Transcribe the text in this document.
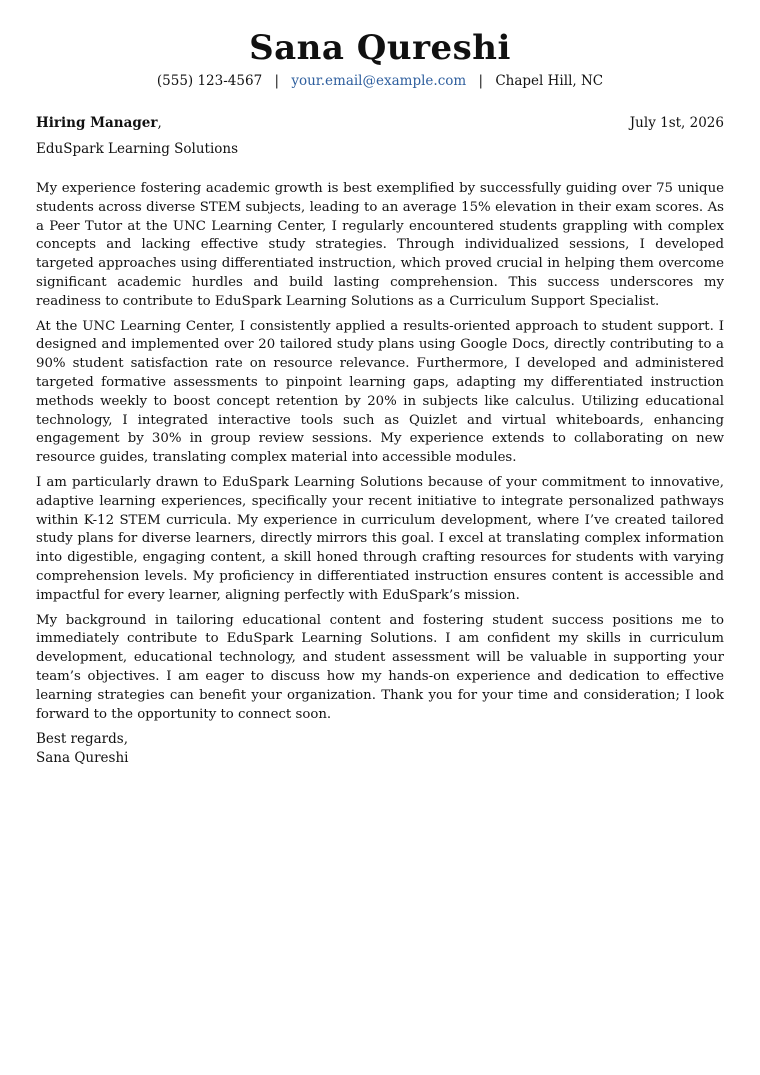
Sana Qureshi
(555) 123-4567 | your.email@example.com | Chapel Hill, NC
Hiring Manager,	July 1st, 2026
EduSpark Learning Solutions

My experience fostering academic growth is best exemplified by successfully guiding over 75 unique students across diverse STEM subjects, leading to an average 15% elevation in their exam scores. As a Peer Tutor at the UNC Learning Center, I regularly encountered students grappling with complex concepts and lacking effective study strategies. Through individualized sessions, I developed targeted approaches using differentiated instruction, which proved crucial in helping them overcome significant academic hurdles and build lasting comprehension. This success underscores my readiness to contribute to EduSpark Learning Solutions as a Curriculum Support Specialist.

At the UNC Learning Center, I consistently applied a results-oriented approach to student support. I designed and implemented over 20 tailored study plans using Google Docs, directly contributing to a 90% student satisfaction rate on resource relevance. Furthermore, I developed and administered targeted formative assessments to pinpoint learning gaps, adapting my differentiated instruction methods weekly to boost concept retention by 20% in subjects like calculus. Utilizing educational technology, I integrated interactive tools such as Quizlet and virtual whiteboards, enhancing engagement by 30% in group review sessions. My experience extends to collaborating on new resource guides, translating complex material into accessible modules.

I am particularly drawn to EduSpark Learning Solutions because of your commitment to innovative, adaptive learning experiences, specifically your recent initiative to integrate personalized pathways within K-12 STEM curricula. My experience in curriculum development, where I’ve created tailored study plans for diverse learners, directly mirrors this goal. I excel at translating complex information into digestible, engaging content, a skill honed through crafting resources for students with varying comprehension levels. My proficiency in differentiated instruction ensures content is accessible and impactful for every learner, aligning perfectly with EduSpark’s mission.

My background in tailoring educational content and fostering student success positions me to immediately contribute to EduSpark Learning Solutions. I am confident my skills in curriculum development, educational technology, and student assessment will be valuable in supporting your team’s objectives. I am eager to discuss how my hands-on experience and dedication to effective learning strategies can benefit your organization. Thank you for your time and consideration; I look forward to the opportunity to connect soon.

Best regards,
Sana Qureshi
